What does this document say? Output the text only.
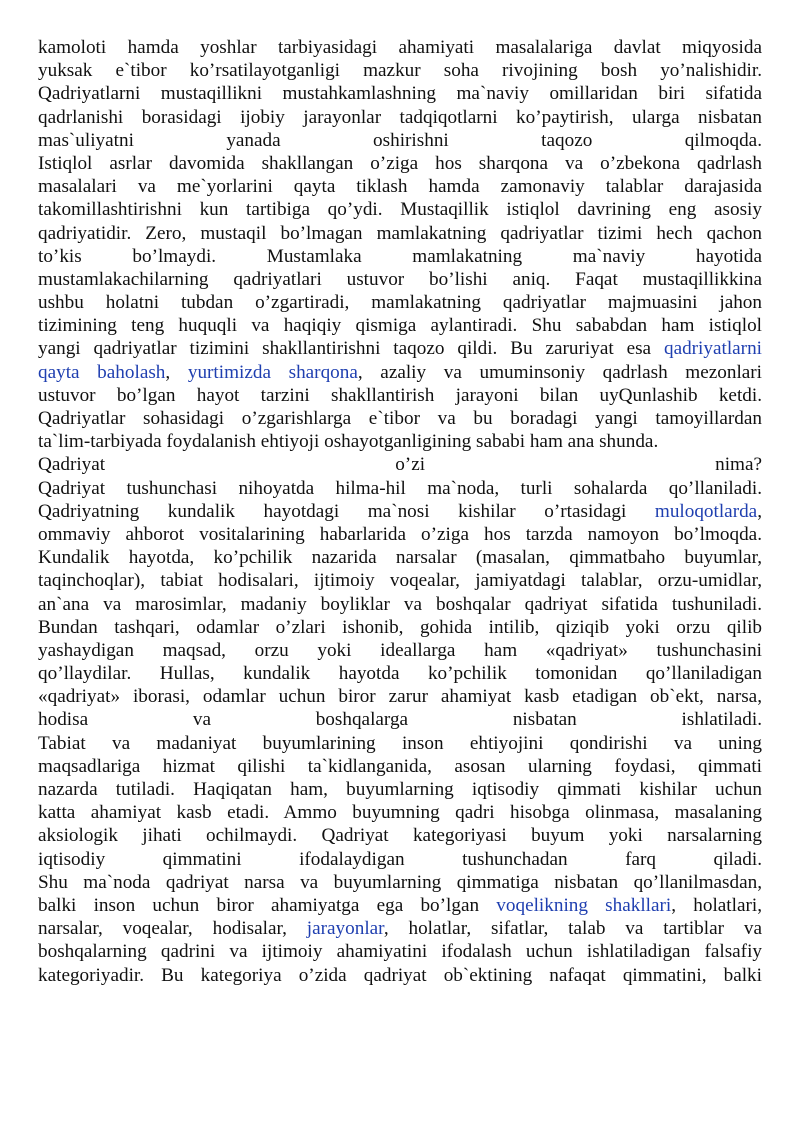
kamoloti hamda yoshlar tarbiyasidagi ahamiyati masalalariga davlat miqyosida
yuksak e`tibor ko’rsatilayotganligi mazkur soha rivojining bosh yo’nalishidir.
Qadriyatlarni mustaqillikni mustahkamlashning ma`naviy omillaridan biri sifatida
qadrlanishi borasidagi ijobiy jarayonlar tadqiqotlarni ko’paytirish, ularga nisbatan
mas`uliyatni yanada oshirishni taqozo qilmoqda.
Istiqlol asrlar davomida shakllangan o’ziga hos sharqona va o’zbekona qadrlash
masalalari va me`yorlarini qayta tiklash hamda zamonaviy talablar darajasida
takomillashtirishni kun tartibiga qo’ydi. Mustaqillik istiqlol davrining eng asosiy
qadriyatidir. Zero, mustaqil bo’lmagan mamlakatning qadriyatlar tizimi hech qachon
to’kis bo’lmaydi. Mustamlaka mamlakatning ma`naviy hayotida
mustamlakachilarning qadriyatlari ustuvor bo’lishi aniq. Faqat mustaqillikkina
ushbu holatni tubdan o’zgartiradi, mamlakatning qadriyatlar majmuasini jahon
tizimining teng huquqli va haqiqiy qismiga aylantiradi. Shu sababdan ham istiqlol
yangi qadriyatlar tizimini shakllantirishni taqozo qildi. Bu zaruriyat esa qadriyatlarni
qayta baholash, yurtimizda sharqona, azaliy va umuminsoniy qadrlash mezonlari
ustuvor bo’lgan hayot tarzini shakllantirish jarayoni bilan uyQunlashib ketdi.
Qadriyatlar sohasidagi o’zgarishlarga e`tibor va bu boradagi yangi tamoyillardan
ta`lim-tarbiyada foydalanish ehtiyoji oshayotganligining sababi ham ana shunda.
Qadriyat o’zi nima?
Qadriyat tushunchasi nihoyatda hilma-hil ma`noda, turli sohalarda qo’llaniladi.
Qadriyatning kundalik hayotdagi ma`nosi kishilar o’rtasidagi muloqotlarda,
ommaviy ahborot vositalarining habarlarida o’ziga hos tarzda namoyon bo’lmoqda.
Kundalik hayotda, ko’pchilik nazarida narsalar (masalan, qimmatbaho buyumlar,
taqinchoqlar), tabiat hodisalari, ijtimoiy voqealar, jamiyatdagi talablar, orzu-umidlar,
an`ana va marosimlar, madaniy boyliklar va boshqalar qadriyat sifatida tushuniladi.
Bundan tashqari, odamlar o’zlari ishonib, gohida intilib, qiziqib yoki orzu qilib
yashaydigan maqsad, orzu yoki ideallarga ham «qadriyat» tushunchasini
qo’llaydilar. Hullas, kundalik hayotda ko’pchilik tomonidan qo’llaniladigan
«qadriyat» iborasi, odamlar uchun biror zarur ahamiyat kasb etadigan ob`ekt, narsa,
hodisa va boshqalarga nisbatan ishlatiladi.
Tabiat va madaniyat buyumlarining inson ehtiyojini qondirishi va uning
maqsadlariga hizmat qilishi ta`kidlanganida, asosan ularning foydasi, qimmati
nazarda tutiladi. Haqiqatan ham, buyumlarning iqtisodiy qimmati kishilar uchun
katta ahamiyat kasb etadi. Ammo buyumning qadri hisobga olinmasa, masalaning
aksiologik jihati ochilmaydi. Qadriyat kategoriyasi buyum yoki narsalarning
iqtisodiy qimmatini ifodalaydigan tushunchadan farq qiladi.
Shu ma`noda qadriyat narsa va buyumlarning qimmatiga nisbatan qo’llanilmasdan,
balki inson uchun biror ahamiyatga ega bo’lgan voqelikning shakllari, holatlari,
narsalar, voqealar, hodisalar, jarayonlar, holatlar, sifatlar, talab va tartiblar va
boshqalarning qadrini va ijtimoiy ahamiyatini ifodalash uchun ishlatiladigan falsafiy
kategoriyadir. Bu kategoriya o’zida qadriyat ob`ektining nafaqat qimmatini, balki
